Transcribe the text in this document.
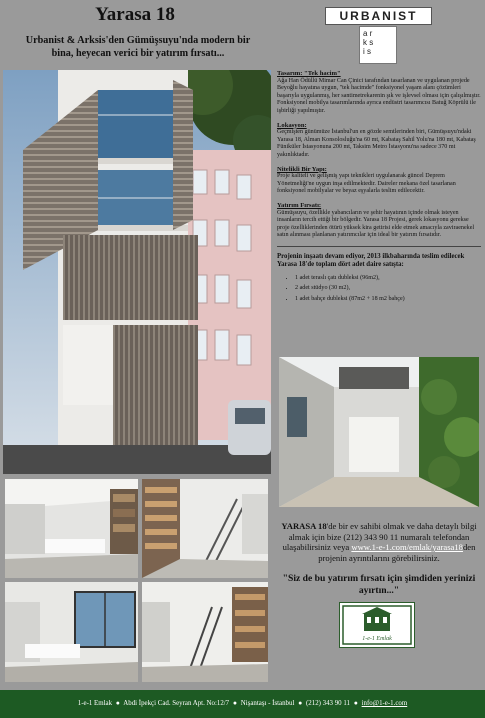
Yarasa 18
Urbanist & Arksis'den Gümüşsuyu'nda modern bir bina, heyecan verici bir yatırım fırsatı...
URBANIST
a r
k s
i s
Tasarım: "Tek hacim"

Ağa Han Ödüllü Mimar Can Çinici tarafından tasarlanan ve uygulanan projede Beyoğlu hayatına uygun, "tek hacimde" fonksiyonel yaşam alanı çözümleri başarıyla uygulanmış, her santimetrekarenin şık ve işlevsel olması için çalışılmıştır. Fonksiyonel mobilya tasarımlarında ayrıca endüstri tasarımcısı Batuğ Köprülü ile işbirliği yapılmıştır.

Lokasyon:

Geçmişten günümüze İstanbul'un en gözde semtlerinden biri, Gümüşsuyu'ndaki Yarasa 18, Alman Konsolosluğu'na 60 mt, Kabataş Sahil Yolu'na 180 mt, Kabataş Füniküler İstasyonuna 200 mt, Taksim Metro İstasyonu'na sadece 370 mt yakınlıktadır.

Nitelikli Bir Yapı:

Proje kaliteli ve gelişmiş yapı teknikleri uygulanarak güncel Deprem Yönetmeliği'ne uygun inşa edilmektedir. Daireler mekana özel tasarlanan fonksiyonel mobilyalar ve beyaz eşyalarla teslim edilecektir.

Yatırım Fırsatı:

Gümüşsuyu, özellikle yabancıların ve şehir hayatının içinde olmak isteyen insanların tercih ettiği bir bölgedir. Yarasa 18 Projesi, gerek lokasyonu gerekse proje özelliklerinden ötürü yüksek kira getirisi elde etmek amacıyla zaviraenekel satın alınması planlanan yatırımcılar için ideal bir yatırım fırsatıdır.

Projenin inşaatı devam ediyor, 2013 ilkbaharında teslim edilecek Yarasa 18'de toplam dört adet daire satışta:
• 1 adet teraslı çatı dubleksi (96m2),
• 2 adet stüdyo (30 m2),
• 1 adet bahçe dubleksi (87m2 + 18 m2 bahçe)
YARASA 18'de bir ev sahibi olmak ve daha detaylı bilgi almak için bize (212) 343 90 11 numaralı telefondan ulaşabilirsiniz veya www.1-e-1.com/emlak/yarasa18den projenin ayrıntılarını görebilirsiniz.
"Siz de bu yatırım fırsatı için şimdiden yerinizi ayırtın..."
1-e-1 Emlak
1-e-1 Emlak ● Abdi İpekçi Cad. Seyran Apt. No:12/7 ● Nişantaşı - İstanbul ● (212) 343 90 11 ● info@1-e-1.com
